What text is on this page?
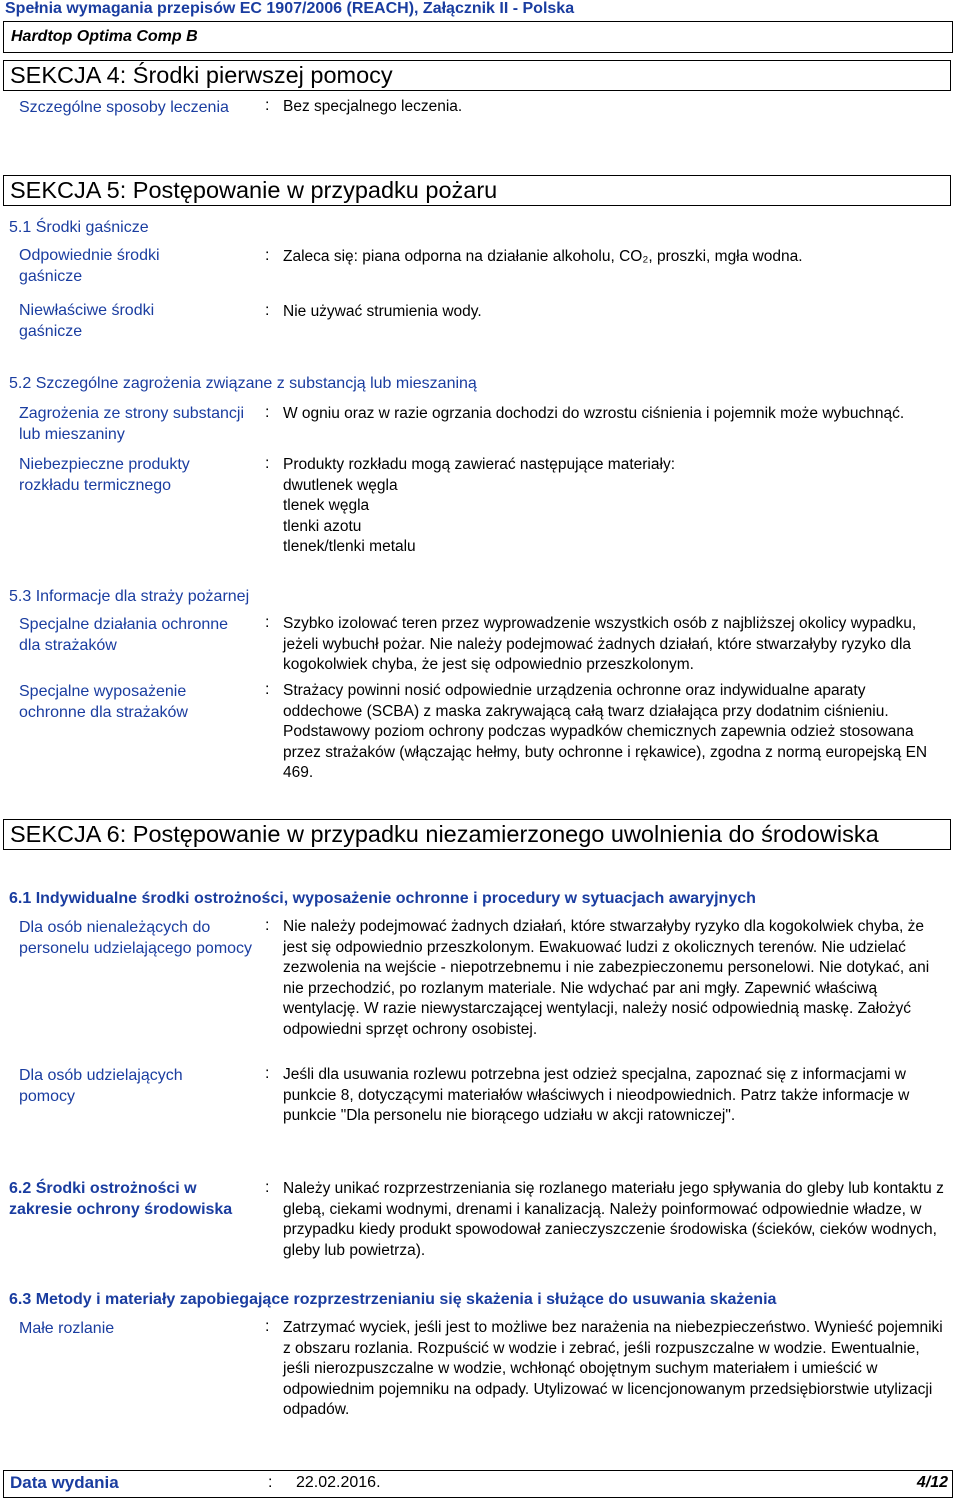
Spełnia wymagania przepisów EC 1907/2006 (REACH), Załącznik II - Polska
Hardtop Optima Comp B
SEKCJA 4: Środki pierwszej pomocy
Szczególne sposoby leczenia	: Bez specjalnego leczenia.
SEKCJA 5: Postępowanie w przypadku pożaru
5.1 Środki gaśnicze
Odpowiednie środki gaśnicze
: Zaleca się: piana odporna na działanie alkoholu, CO₂, proszki, mgła wodna.
Niewłaściwe środki gaśnicze
: Nie używać strumienia wody.
5.2 Szczególne zagrożenia związane z substancją lub mieszaniną
Zagrożenia ze strony substancji lub mieszaniny
: W ogniu oraz w razie ogrzania dochodzi do wzrostu ciśnienia i pojemnik może wybuchnąć.
Niebezpieczne produkty rozkładu termicznego
: Produkty rozkładu mogą zawierać następujące materiały:
dwutlenek węgla
tlenek węgla
tlenki azotu
tlenek/tlenki metalu
5.3 Informacje dla straży pożarnej
Specjalne działania ochronne dla strażaków
: Szybko izolować teren przez wyprowadzenie wszystkich osób z najbliższej okolicy wypadku, jeżeli wybuchł pożar. Nie należy podejmować żadnych działań, które stwarzałyby ryzyko dla kogokolwiek chyba, że jest się odpowiednio przeszkolonym.
Specjalne wyposażenie ochronne dla strażaków
: Strażacy powinni nosić odpowiednie urządzenia ochronne oraz indywidualne aparaty oddechowe (SCBA) z maska zakrywającą całą twarz działająca przy dodatnim ciśnieniu. Podstawowy poziom ochrony podczas wypadków chemicznych zapewnia odzież stosowana przez strażaków (włączając hełmy, buty ochronne i rękawice), zgodna z normą europejską EN 469.
SEKCJA 6: Postępowanie w przypadku niezamierzonego uwolnienia do środowiska
6.1 Indywidualne środki ostrożności, wyposażenie ochronne i procedury w sytuacjach awaryjnych
Dla osób nienależących do personelu udzielającego pomocy
: Nie należy podejmować żadnych działań, które stwarzałyby ryzyko dla kogokolwiek chyba, że jest się odpowiednio przeszkolonym. Ewakuować ludzi z okolicznych terenów. Nie udzielać zezwolenia na wejście - niepotrzebnemu i nie zabezpieczonemu personelowi. Nie dotykać, ani nie przechodzić, po rozlanym materiale. Nie wdychać par ani mgły. Zapewnić właściwą wentylację. W razie niewystarczającej wentylacji, należy nosić odpowiednią maskę. Założyć odpowiedni sprzęt ochrony osobistej.
Dla osób udzielających pomocy
: Jeśli dla usuwania rozlewu potrzebna jest odzież specjalna, zapoznać się z informacjami w punkcie 8, dotyczącymi materiałów właściwych i nieodpowiednich. Patrz także informacje w punkcie "Dla personelu nie biorącego udziału w akcji ratowniczej".
6.2 Środki ostrożności w zakresie ochrony środowiska
: Należy unikać rozprzestrzeniania się rozlanego materiału jego spływania do gleby lub kontaktu z glebą, ciekami wodnymi, drenami i kanalizacją. Należy poinformować odpowiednie władze, w przypadku kiedy produkt spowodował zanieczyszczenie środowiska (ścieków, cieków wodnych, gleby lub powietrza).
6.3 Metody i materiały zapobiegające rozprzestrzenianiu się skażenia i służące do usuwania skażenia
Małe rozlanie	: Zatrzymać wyciek, jeśli jest to możliwe bez narażenia na niebezpieczeństwo. Wynieść pojemniki z obszaru rozlania. Rozpuścić w wodzie i zebrać, jeśli rozpuszczalne w wodzie. Ewentualnie, jeśli nierozpuszczalne w wodzie, wchłonąć obojętnym suchym materiałem i umieścić w odpowiednim pojemniku na odpady. Utylizować w licencjonowanym przedsiębiorstwie utylizacji odpadów.
Data wydania	: 22.02.2016.	4/12
